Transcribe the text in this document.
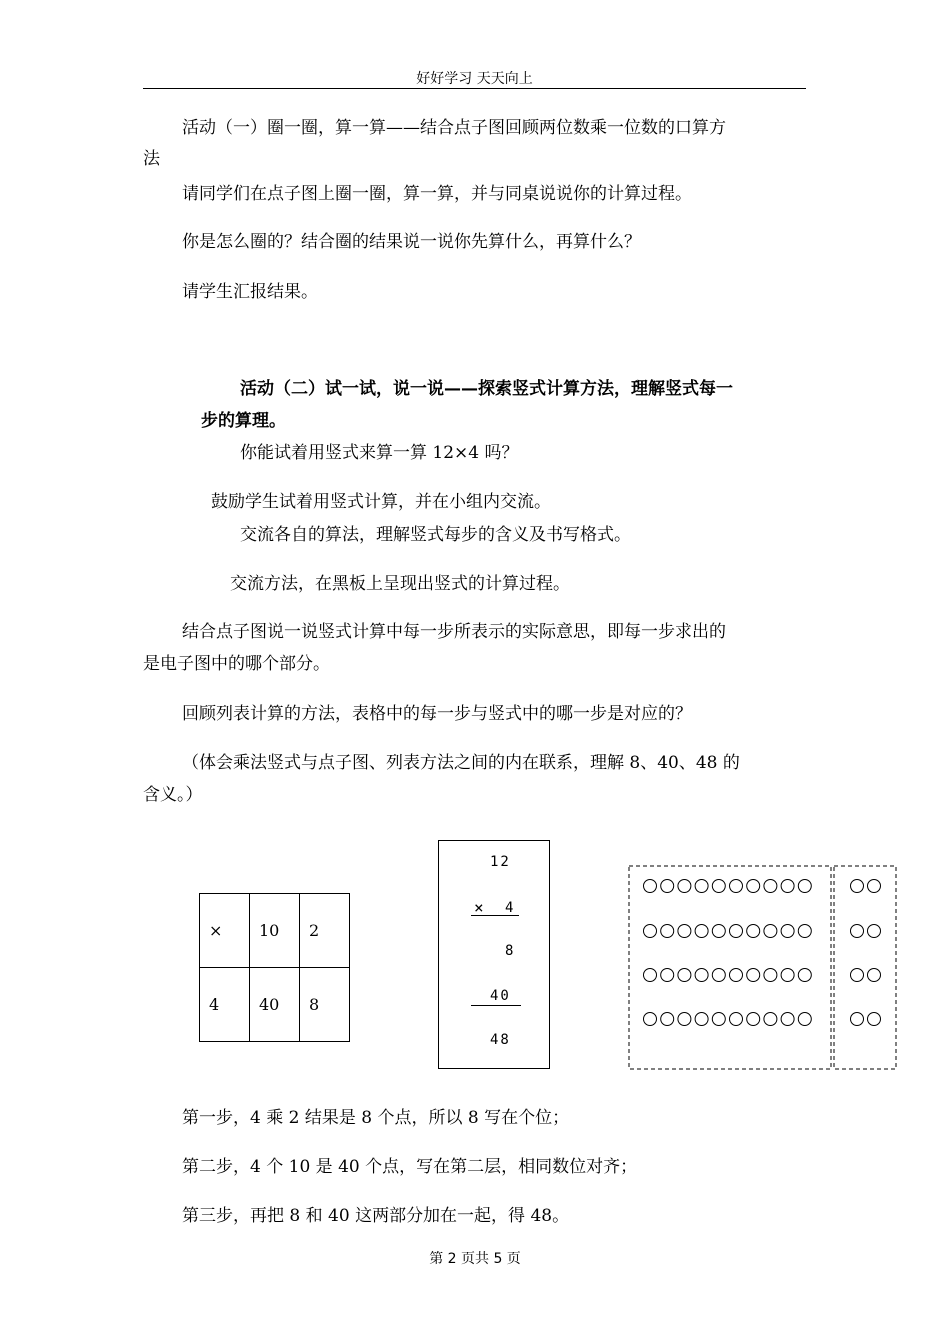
好好学习 天天向上
活动（一）圈一圈，算一算——结合点子图回顾两位数乘一位数的口算方
法
请同学们在点子图上圈一圈，算一算，并与同桌说说你的计算过程。
你是怎么圈的？结合圈的结果说一说你先算什么，再算什么？
请学生汇报结果。
活动（二）试一试，说一说——探索竖式计算方法，理解竖式每一
步的算理。
你能试着用竖式来算一算 12×4 吗？
鼓励学生试着用竖式计算，并在小组内交流。
交流各自的算法，理解竖式每步的含义及书写格式。
交流方法，在黑板上呈现出竖式的计算过程。
结合点子图说一说竖式计算中每一步所表示的实际意思，即每一步求出的
是电子图中的哪个部分。
回顾列表计算的方法，表格中的每一步与竖式中的哪一步是对应的？
（体会乘法竖式与点子图、列表方法之间的内在联系，理解 8、40、48 的
含义。）
×	10	2
4	40	8
12
× 4
8
40
48
第一步，4 乘 2 结果是 8 个点，所以 8 写在个位；
第二步，4 个 10 是 40 个点，写在第二层，相同数位对齐；
第三步，再把 8 和 40 这两部分加在一起，得 48。
第 2 页共 5 页
